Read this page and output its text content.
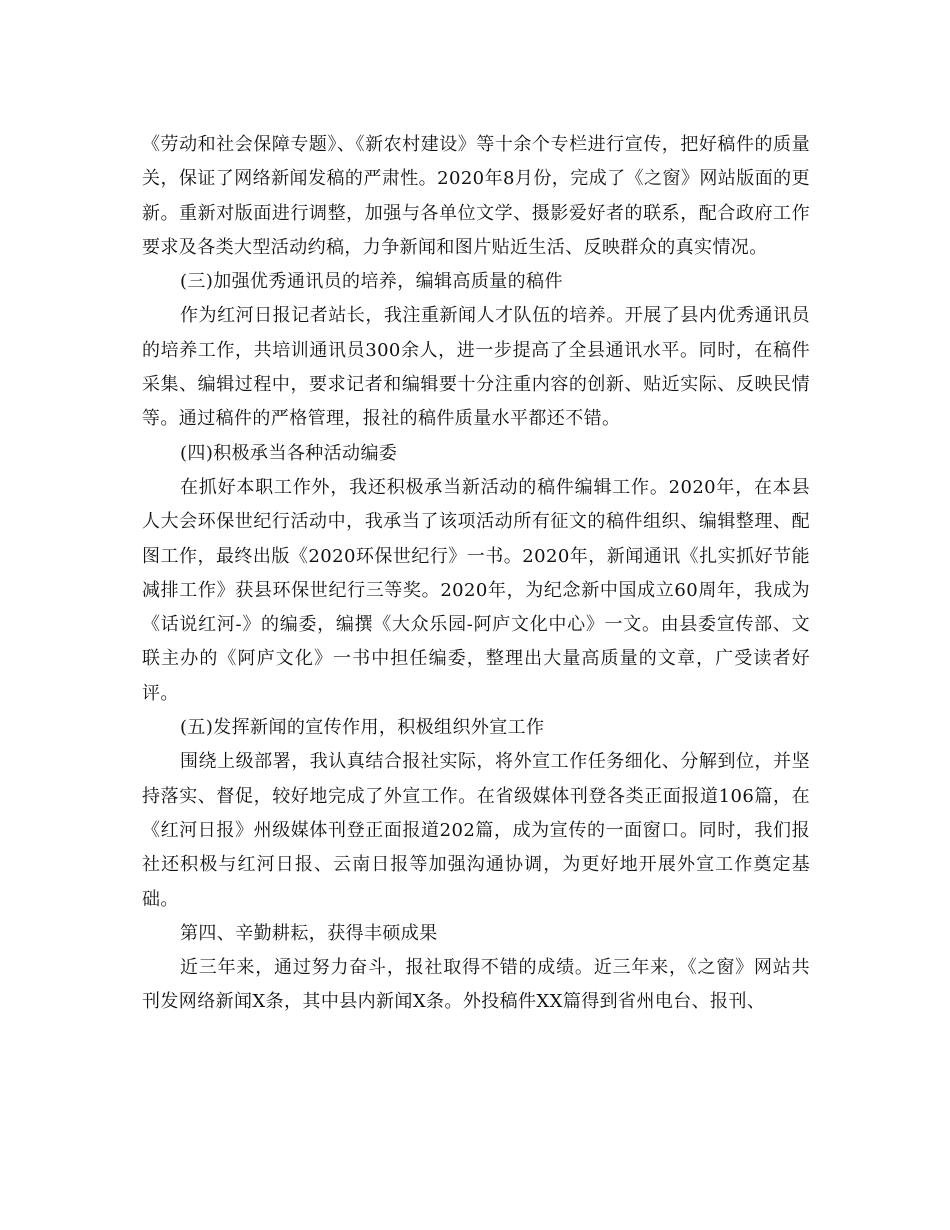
《劳动和社会保障专题》、《新农村建设》等十余个专栏进行宣传，把好稿件的质量关，保证了网络新闻发稿的严肃性。2020年8月份，完成了《之窗》网站版面的更新。重新对版面进行调整，加强与各单位文学、摄影爱好者的联系，配合政府工作要求及各类大型活动约稿，力争新闻和图片贴近生活、反映群众的真实情况。

(三)加强优秀通讯员的培养，编辑高质量的稿件

作为红河日报记者站长，我注重新闻人才队伍的培养。开展了县内优秀通讯员的培养工作，共培训通讯员300余人，进一步提高了全县通讯水平。同时，在稿件采集、编辑过程中，要求记者和编辑要十分注重内容的创新、贴近实际、反映民情等。通过稿件的严格管理，报社的稿件质量水平都还不错。

(四)积极承当各种活动编委

在抓好本职工作外，我还积极承当新活动的稿件编辑工作。2020年，在本县人大会环保世纪行活动中，我承当了该项活动所有征文的稿件组织、编辑整理、配图工作，最终出版《2020环保世纪行》一书。2020年，新闻通讯《扎实抓好节能减排工作》获县环保世纪行三等奖。2020年，为纪念新中国成立60周年，我成为《话说红河-》的编委，编撰《大众乐园-阿庐文化中心》一文。由县委宣传部、文联主办的《阿庐文化》一书中担任编委，整理出大量高质量的文章，广受读者好评。

(五)发挥新闻的宣传作用，积极组织外宣工作

围绕上级部署，我认真结合报社实际，将外宣工作任务细化、分解到位，并坚持落实、督促，较好地完成了外宣工作。在省级媒体刊登各类正面报道106篇，在《红河日报》州级媒体刊登正面报道202篇，成为宣传的一面窗口。同时，我们报社还积极与红河日报、云南日报等加强沟通协调，为更好地开展外宣工作奠定基础。

第四、辛勤耕耘，获得丰硕成果

近三年来，通过努力奋斗，报社取得不错的成绩。近三年来，《之窗》网站共刊发网络新闻X条，其中县内新闻X条。外投稿件XX篇得到省州电台、报刊、
